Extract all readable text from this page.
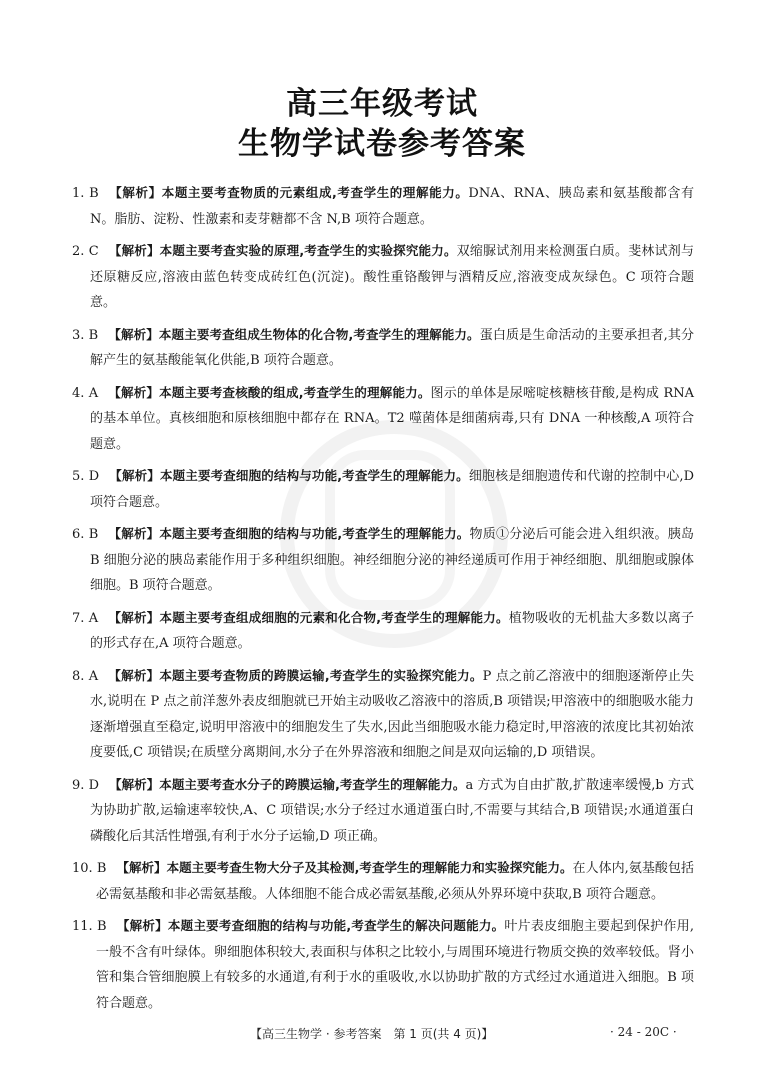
高三年级考试
生物学试卷参考答案

1. B 【解析】本题主要考查物质的元素组成,考查学生的理解能力。DNA、RNA、胰岛素和氨基酸都含有 N。脂肪、淀粉、性激素和麦芽糖都不含 N,B 项符合题意。

2. C 【解析】本题主要考查实验的原理,考查学生的实验探究能力。双缩脲试剂用来检测蛋白质。斐林试剂与还原糖反应,溶液由蓝色转变成砖红色(沉淀)。酸性重铬酸钾与酒精反应,溶液变成灰绿色。C 项符合题意。

3. B 【解析】本题主要考查组成生物体的化合物,考查学生的理解能力。蛋白质是生命活动的主要承担者,其分解产生的氨基酸能氧化供能,B 项符合题意。

4. A 【解析】本题主要考查核酸的组成,考查学生的理解能力。图示的单体是尿嘧啶核糖核苷酸,是构成 RNA 的基本单位。真核细胞和原核细胞中都存在 RNA。T2 噬菌体是细菌病毒,只有 DNA 一种核酸,A 项符合题意。

5. D 【解析】本题主要考查细胞的结构与功能,考查学生的理解能力。细胞核是细胞遗传和代谢的控制中心,D 项符合题意。

6. B 【解析】本题主要考查细胞的结构与功能,考查学生的理解能力。物质①分泌后可能会进入组织液。胰岛 B 细胞分泌的胰岛素能作用于多种组织细胞。神经细胞分泌的神经递质可作用于神经细胞、肌细胞或腺体细胞。B 项符合题意。

7. A 【解析】本题主要考查组成细胞的元素和化合物,考查学生的理解能力。植物吸收的无机盐大多数以离子的形式存在,A 项符合题意。

8. A 【解析】本题主要考查物质的跨膜运输,考查学生的实验探究能力。P 点之前乙溶液中的细胞逐渐停止失水,说明在 P 点之前洋葱外表皮细胞就已开始主动吸收乙溶液中的溶质,B 项错误;甲溶液中的细胞吸水能力逐渐增强直至稳定,说明甲溶液中的细胞发生了失水,因此当细胞吸水能力稳定时,甲溶液的浓度比其初始浓度要低,C 项错误;在质壁分离期间,水分子在外界溶液和细胞之间是双向运输的,D 项错误。

9. D 【解析】本题主要考查水分子的跨膜运输,考查学生的理解能力。a 方式为自由扩散,扩散速率缓慢,b 方式为协助扩散,运输速率较快,A、C 项错误;水分子经过水通道蛋白时,不需要与其结合,B 项错误;水通道蛋白磷酸化后其活性增强,有利于水分子运输,D 项正确。

10. B 【解析】本题主要考查生物大分子及其检测,考查学生的理解能力和实验探究能力。在人体内,氨基酸包括必需氨基酸和非必需氨基酸。人体细胞不能合成必需氨基酸,必须从外界环境中获取,B 项符合题意。

11. B 【解析】本题主要考查细胞的结构与功能,考查学生的解决问题能力。叶片表皮细胞主要起到保护作用,一般不含有叶绿体。卵细胞体积较大,表面积与体积之比较小,与周围环境进行物质交换的效率较低。肾小管和集合管细胞膜上有较多的水通道,有利于水的重吸收,水以协助扩散的方式经过水通道进入细胞。B 项符合题意。

【高三生物学 · 参考答案　第 1 页(共 4 页)】	· 24 - 20C ·
